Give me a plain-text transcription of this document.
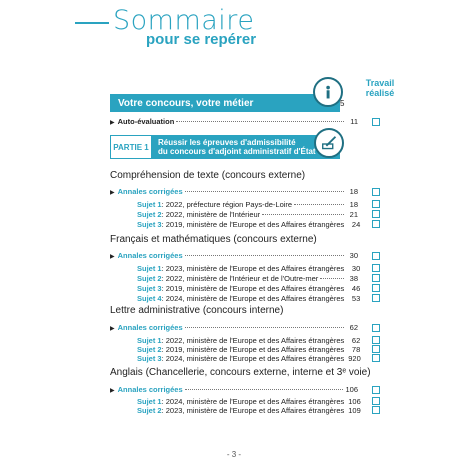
Sommaire
pour se repérer
Travail réalisé
Votre concours, votre métier	5
▶ Auto-évaluation	11
PARTIE 1	Réussir les épreuves d'admissibilité
du concours d'adjoint administratif d'État
Compréhension de texte (concours externe)
▶ Annales corrigées	18
Sujet 1 : 2022, préfecture région Pays-de-Loire	18
Sujet 2 : 2022, ministère de l'Intérieur	21
Sujet 3 : 2019, ministère de l'Europe et des Affaires étrangères	24
Français et mathématiques (concours externe)
▶ Annales corrigées	30
Sujet 1 : 2023, ministère de l'Europe et des Affaires étrangères	30
Sujet 2 : 2022, ministère de l'Intérieur et de l'Outre-mer	38
Sujet 3 : 2019, ministère de l'Europe et des Affaires étrangères	46
Sujet 4 : 2024, ministère de l'Europe et des Affaires étrangères	53
Lettre administrative (concours interne)
▶ Annales corrigées	62
Sujet 1 : 2022, ministère de l'Europe et des Affaires étrangères	62
Sujet 2 : 2019, ministère de l'Europe et des Affaires étrangères	78
Sujet 3 : 2024, ministère de l'Europe et des Affaires étrangères 920
Anglais (Chancellerie, concours externe, interne et 3ᵉ voie)
▶ Annales corrigées	106
Sujet 1 : 2024, ministère de l'Europe et des Affaires étrangères 106
Sujet 2 : 2023, ministère de l'Europe et des Affaires étrangères 109
- 3 -
